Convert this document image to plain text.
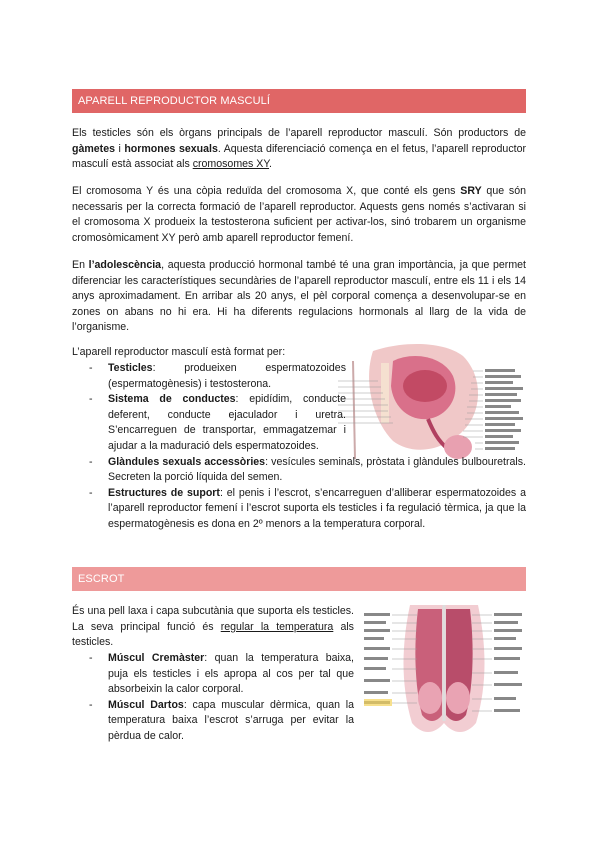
APARELL REPRODUCTOR MASCULÍ

Els testicles són els òrgans principals de l’aparell reproductor masculí. Són productors de gàmetes i hormones sexuals. Aquesta diferenciació comença en el fetus, l’aparell reproductor masculí està associat als cromosomes XY.

El cromosoma Y és una còpia reduïda del cromosoma X, que conté els gens SRY que són necessaris per la correcta formació de l’aparell reproductor. Aquests gens només s’activaran si el cromosoma X produeix la testosterona suficient per activar-los, sinó trobarem un organisme cromosòmicament XY però amb aparell reproductor femení.

En l’adolescència, aquesta producció hormonal també té una gran importància, ja que permet diferenciar les característiques secundàries de l’aparell reproductor masculí, entre els 11 i els 14 anys aproximadament. En arribar als 20 anys, el pèl corporal comença a desenvolupar-se en zones on abans no hi era. Hi ha diferents regulacions hormonals al llarg de la vida de l’organisme.

L’aparell reproductor masculí està format per:

- Testicles: produeixen espermatozoides (espermatogènesis) i testosterona.
- Sistema de conductes: epidídim, conducte deferent, conducte ejaculador i uretra. S’encarreguen de transportar, emmagatzemar i ajudar a la maduració dels espermatozoides.
- Glàndules sexuals accessòries: vesícules seminals, pròstata i glàndules bulbouretrals. Secreten la porció líquida del semen.
- Estructures de suport: el penis i l’escrot, s’encarreguen d’alliberar espermatozoides a l’aparell reproductor femení i l’escrot suporta els testicles i fa regulació tèrmica, ja que la espermatogènesis es dona en 2º menors a la temperatura corporal.
ESCROT

És una pell laxa i capa subcutània que suporta els testicles. La seva principal funció és regular la temperatura als testicles.

- Múscul Cremàster: quan la temperatura baixa, puja els testicles i els apropa al cos per tal que absorbeixin la calor corporal.
- Múscul Dartos: capa muscular dèrmica, quan la temperatura baixa l’escrot s’arruga per evitar la pèrdua de calor.
